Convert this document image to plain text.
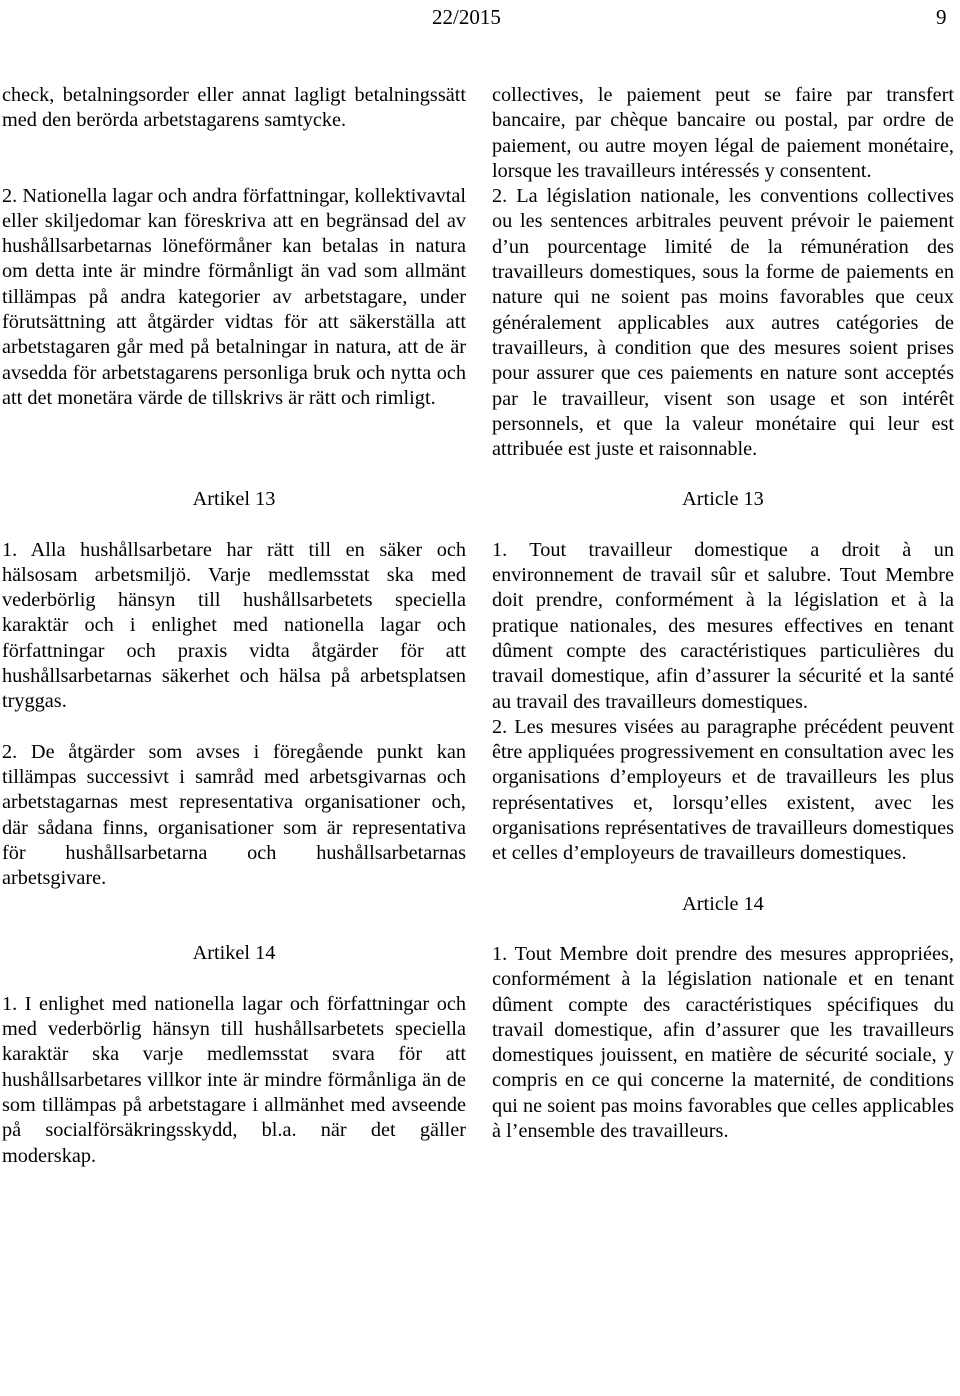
22/2015	9

check, betalningsorder eller annat lagligt betalningssätt med den berörda arbetstagarens samtycke.

2. Nationella lagar och andra författningar, kollektivavtal eller skiljedomar kan föreskriva att en begränsad del av hushållsarbetarnas löneförmåner kan betalas in natura om detta inte är mindre förmånligt än vad som allmänt tillämpas på andra kategorier av arbetstagare, under förutsättning att åtgärder vidtas för att säkerställa att arbetstagaren går med på betalningar in natura, att de är avsedda för arbetstagarens personliga bruk och nytta och att det monetära värde de tillskrivs är rätt och rimligt.

Artikel 13

1. Alla hushållsarbetare har rätt till en säker och hälsosam arbetsmiljö. Varje medlemsstat ska med vederbörlig hänsyn till hushållsarbetets speciella karaktär och i enlighet med nationella lagar och författningar och praxis vidta åtgärder för att hushållsarbetarnas säkerhet och hälsa på arbetsplatsen tryggas.

2. De åtgärder som avses i föregående punkt kan tillämpas successivt i samråd med arbetsgivarnas och arbetstagarnas mest representativa organisationer och, där sådana finns, organisationer som är representativa för hushållsarbetarna och hushållsarbetarnas arbetsgivare.

Artikel 14

1. I enlighet med nationella lagar och författningar och med vederbörlig hänsyn till hushållsarbetets speciella karaktär ska varje medlemsstat svara för att hushållsarbetares villkor inte är mindre förmånliga än de som tillämpas på arbetstagare i allmänhet med avseende på socialförsäkringsskydd, bl.a. när det gäller moderskap.

collectives, le paiement peut se faire par transfert bancaire, par chèque bancaire ou postal, par ordre de paiement, ou autre moyen légal de paiement monétaire, lorsque les travailleurs intéressés y consentent.

2. La législation nationale, les conventions collectives ou les sentences arbitrales peuvent prévoir le paiement d’un pourcentage limité de la rémunération des travailleurs domestiques, sous la forme de paiements en nature qui ne soient pas moins favorables que ceux généralement applicables aux autres catégories de travailleurs, à condition que des mesures soient prises pour assurer que ces paiements en nature sont acceptés par le travailleur, visent son usage et son intérêt personnels, et que la valeur monétaire qui leur est attribuée est juste et raisonnable.

Article 13

1. Tout travailleur domestique a droit à un environnement de travail sûr et salubre. Tout Membre doit prendre, conformément à la législation et à la pratique nationales, des mesures effectives en tenant dûment compte des caractéristiques particulières du travail domestique, afin d’assurer la sécurité et la santé au travail des travailleurs domestiques.

2. Les mesures visées au paragraphe précédent peuvent être appliquées progressivement en consultation avec les organisations d’employeurs et de travailleurs les plus représentatives et, lorsqu’elles existent, avec les organisations représentatives de travailleurs domestiques et celles d’employeurs de travailleurs domestiques.

Article 14

1. Tout Membre doit prendre des mesures appropriées, conformément à la législation nationale et en tenant dûment compte des caractéristiques spécifiques du travail domestique, afin d’assurer que les travailleurs domestiques jouissent, en matière de sécurité sociale, y compris en ce qui concerne la maternité, de conditions qui ne soient pas moins favorables que celles applicables à l’ensemble des travailleurs.
